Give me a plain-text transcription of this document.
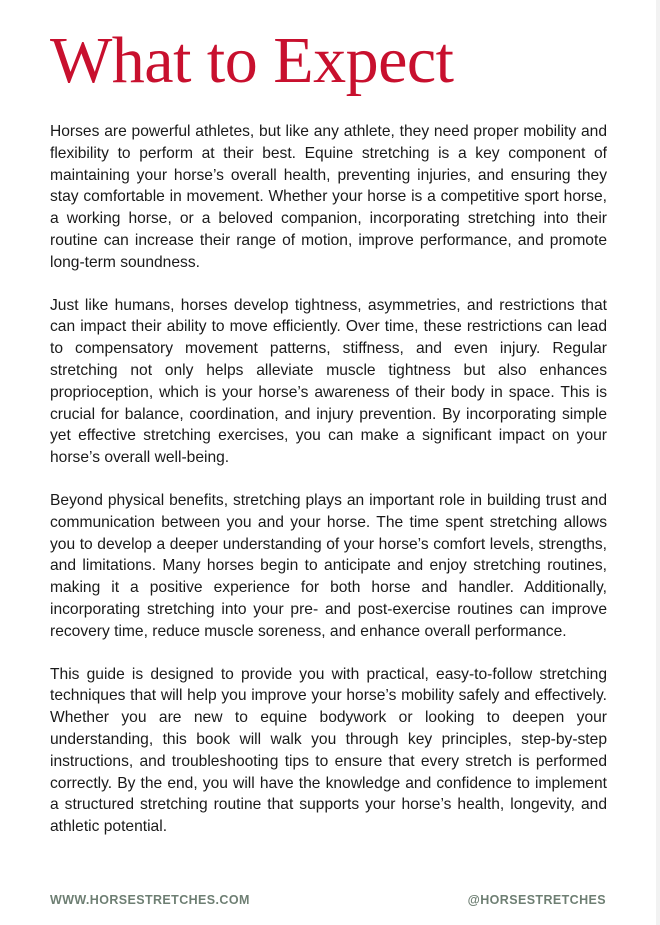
What to Expect

Horses are powerful athletes, but like any athlete, they need proper mobility and flexibility to perform at their best. Equine stretching is a key component of maintaining your horse’s overall health, preventing injuries, and ensuring they stay comfortable in movement. Whether your horse is a competitive sport horse, a working horse, or a beloved companion, incorporating stretching into their routine can increase their range of motion, improve performance, and promote long-term soundness.

Just like humans, horses develop tightness, asymmetries, and restrictions that can impact their ability to move efficiently. Over time, these restrictions can lead to compensatory movement patterns, stiffness, and even injury. Regular stretching not only helps alleviate muscle tightness but also enhances proprioception, which is your horse’s awareness of their body in space. This is crucial for balance, coordination, and injury prevention. By incorporating simple yet effective stretching exercises, you can make a significant impact on your horse’s overall well-being.

Beyond physical benefits, stretching plays an important role in building trust and communication between you and your horse. The time spent stretching allows you to develop a deeper understanding of your horse’s comfort levels, strengths, and limitations. Many horses begin to anticipate and enjoy stretching routines, making it a positive experience for both horse and handler. Additionally, incorporating stretching into your pre- and post-exercise routines can improve recovery time, reduce muscle soreness, and enhance overall performance.

This guide is designed to provide you with practical, easy-to-follow stretching techniques that will help you improve your horse’s mobility safely and effectively. Whether you are new to equine bodywork or looking to deepen your understanding, this book will walk you through key principles, step-by-step instructions, and troubleshooting tips to ensure that every stretch is performed correctly. By the end, you will have the knowledge and confidence to implement a structured stretching routine that supports your horse’s health, longevity, and athletic potential.

WWW.HORSESTRETCHES.COM	@HORSESTRETCHES
